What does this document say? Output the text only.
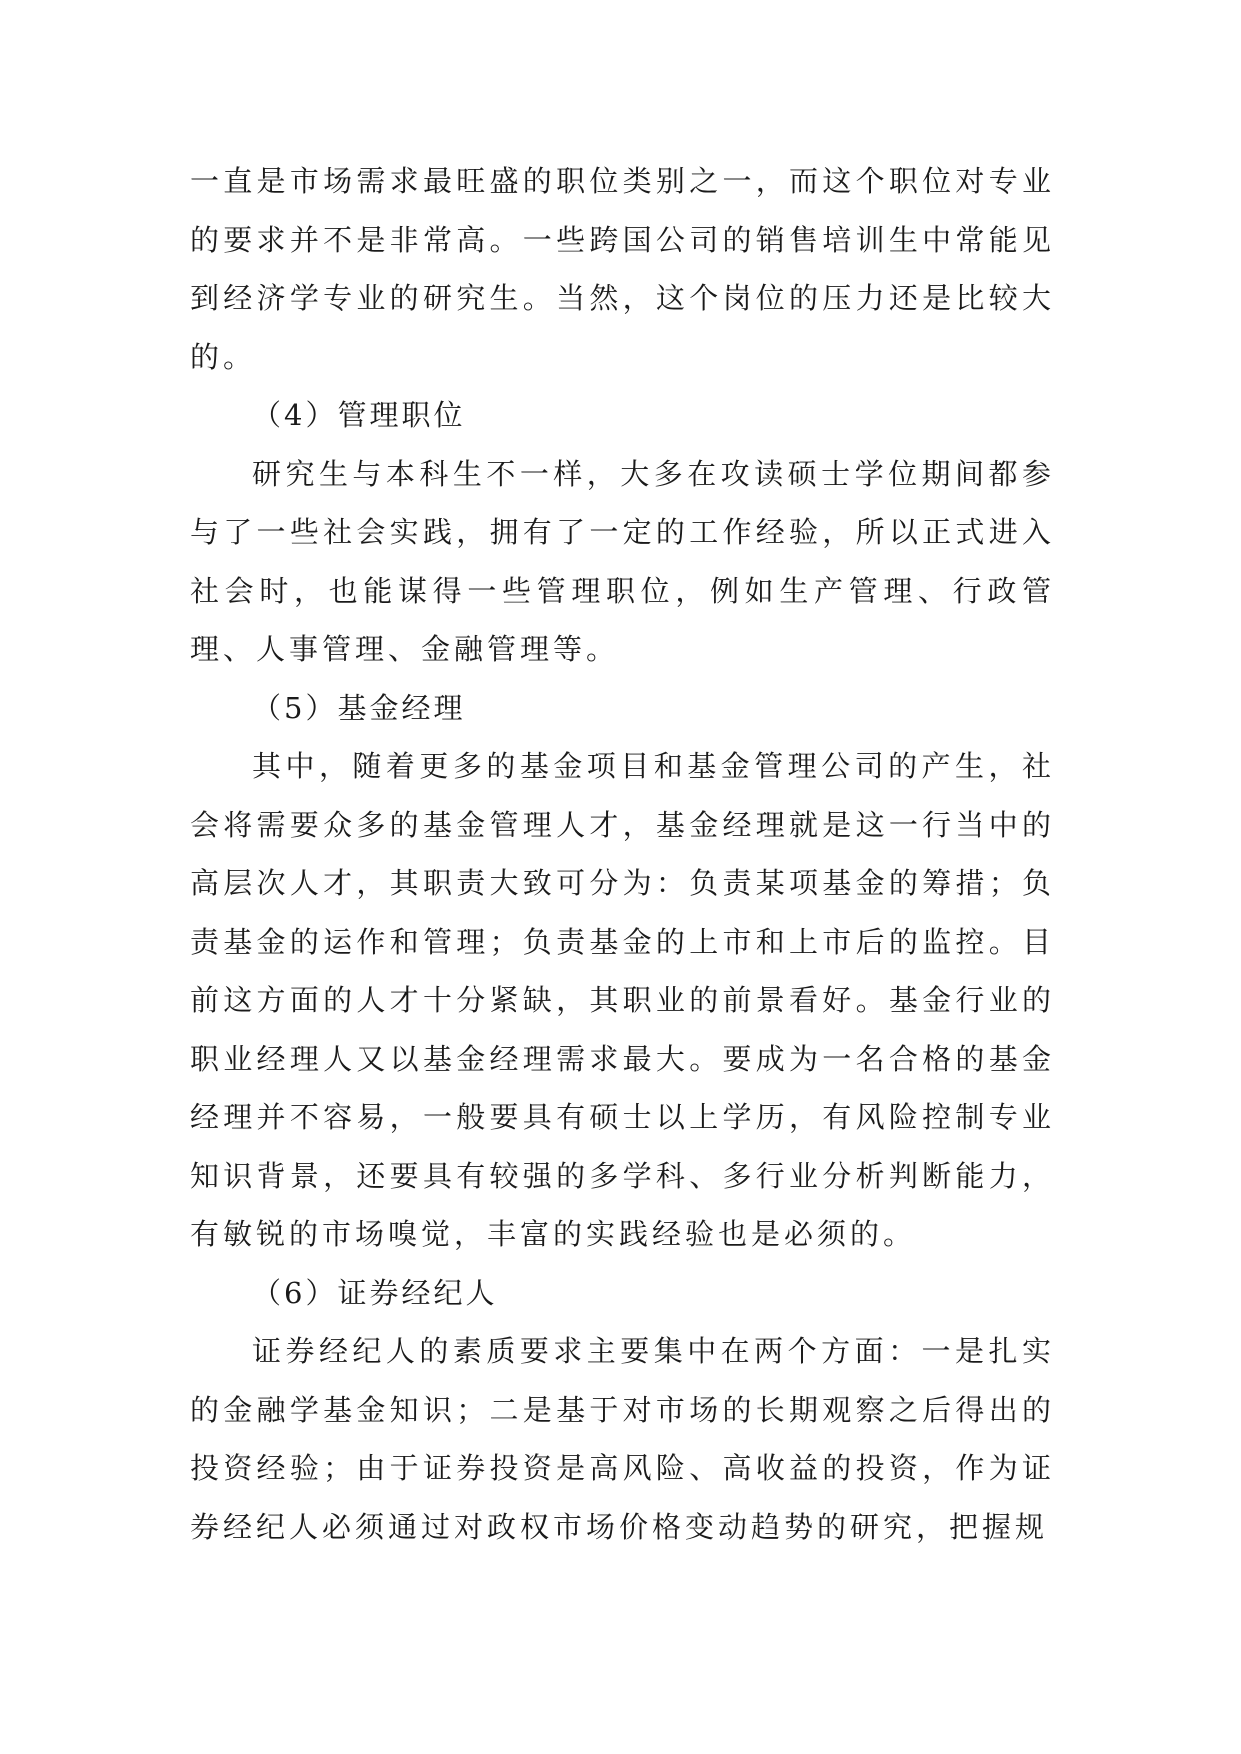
一直是市场需求最旺盛的职位类别之一，而这个职位对专业的要求并不是非常高。一些跨国公司的销售培训生中常能见到经济学专业的研究生。当然，这个岗位的压力还是比较大的。

（4）管理职位

研究生与本科生不一样，大多在攻读硕士学位期间都参与了一些社会实践，拥有了一定的工作经验，所以正式进入社会时，也能谋得一些管理职位，例如生产管理、行政管理、人事管理、金融管理等。

（5）基金经理

其中，随着更多的基金项目和基金管理公司的产生，社会将需要众多的基金管理人才，基金经理就是这一行当中的高层次人才，其职责大致可分为：负责某项基金的筹措；负责基金的运作和管理；负责基金的上市和上市后的监控。目前这方面的人才十分紧缺，其职业的前景看好。基金行业的职业经理人又以基金经理需求最大。要成为一名合格的基金经理并不容易，一般要具有硕士以上学历，有风险控制专业知识背景，还要具有较强的多学科、多行业分析判断能力，有敏锐的市场嗅觉，丰富的实践经验也是必须的。

（6）证券经纪人

证券经纪人的素质要求主要集中在两个方面：一是扎实的金融学基金知识；二是基于对市场的长期观察之后得出的投资经验；由于证券投资是高风险、高收益的投资，作为证券经纪人必须通过对政权市场价格变动趋势的研究，把握规
